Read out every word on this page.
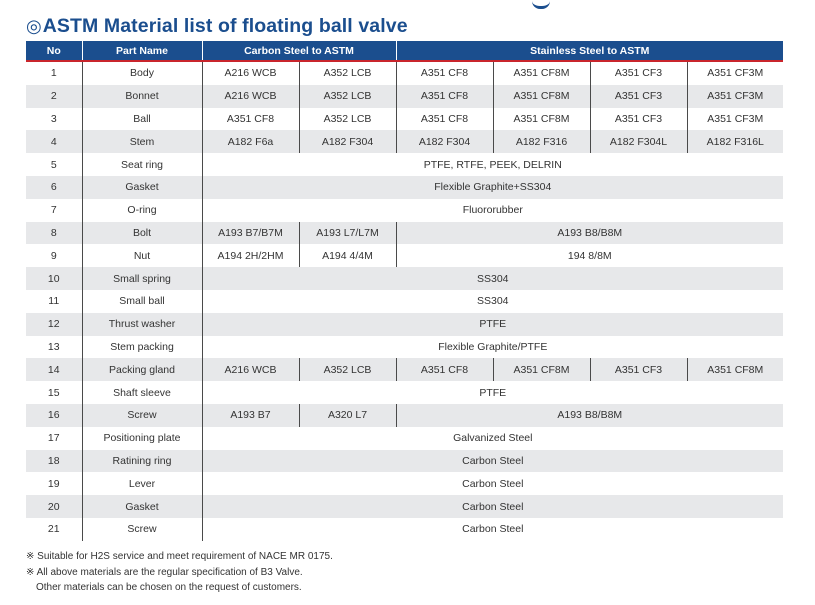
◎ ASTM Material list of floating ball valve
No	Part Name	Carbon Steel to ASTM		Stainless Steel to ASTM			
1	Body	A216 WCB	A352 LCB	A351 CF8	A351 CF8M	A351 CF3	A351 CF3M
2	Bonnet	A216 WCB	A352 LCB	A351 CF8	A351 CF8M	A351 CF3	A351 CF3M
3	Ball	A351 CF8	A352 LCB	A351 CF8	A351 CF8M	A351 CF3	A351 CF3M
4	Stem	A182 F6a	A182 F304	A182 F304	A182 F316	A182 F304L	A182 F316L
5	Seat ring	PTFE, RTFE, PEEK, DELRIN					
6	Gasket	Flexible Graphite+SS304					
7	O-ring	Fluororubber					
8	Bolt	A193 B7/B7M	A193 L7/L7M	A193 B8/B8M			
9	Nut	A194 2H/2HM	A194 4/4M	194 8/8M			
10	Small spring	SS304					
11	Small ball	SS304					
12	Thrust washer	PTFE					
13	Stem packing	Flexible Graphite/PTFE					
14	Packing gland	A216 WCB	A352 LCB	A351 CF8	A351 CF8M	A351 CF3	A351 CF8M
15	Shaft sleeve	PTFE					
16	Screw	A193 B7	A320 L7	A193 B8/B8M			
17	Positioning plate	Galvanized Steel					
18	Ratining ring	Carbon Steel					
19	Lever	Carbon Steel					
20	Gasket	Carbon Steel					
21	Screw	Carbon Steel					
※ Suitable for H2S service and meet requirement of NACE MR 0175.
※ All above materials are the regular specification of B3 Valve.
Other materials can be chosen on the request of customers.
